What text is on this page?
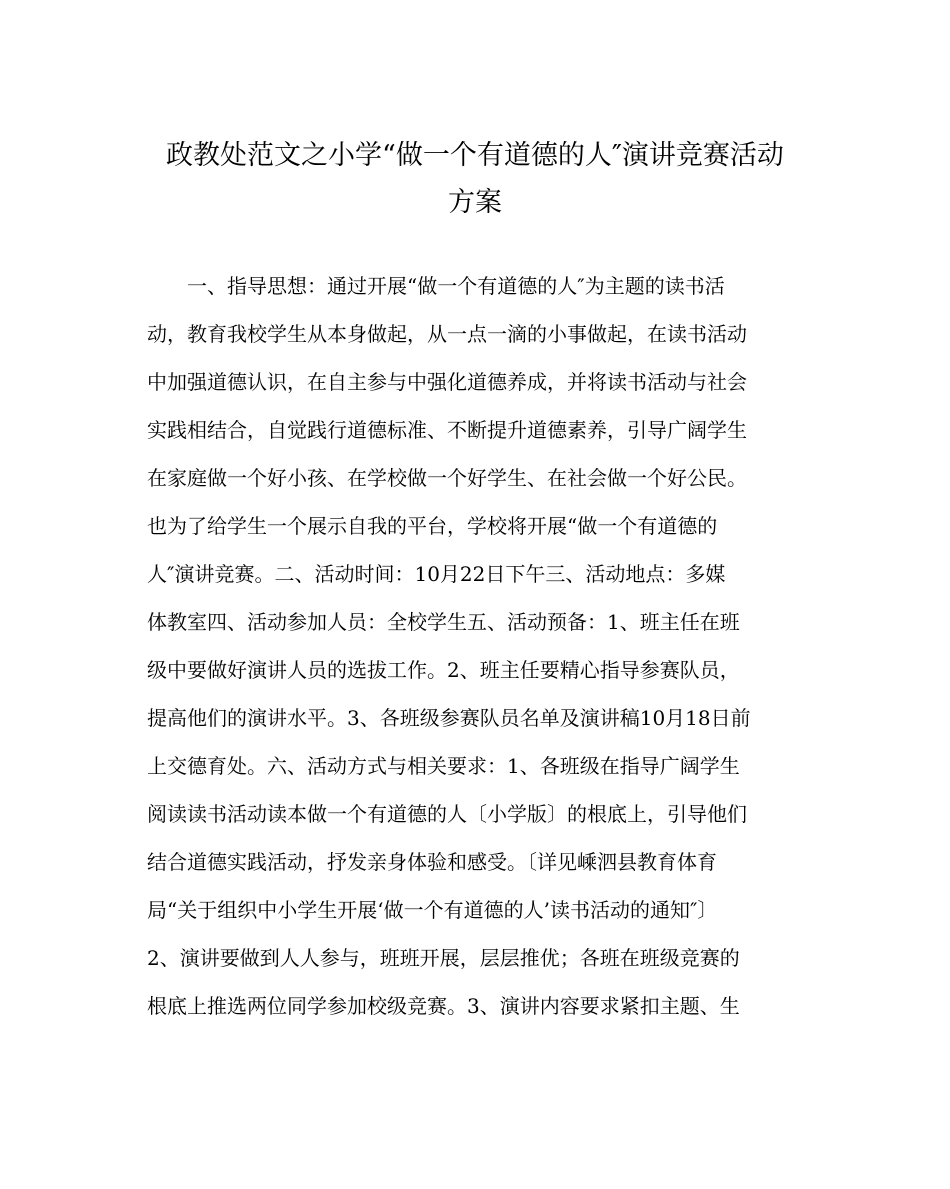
政教处范文之小学“做一个有道德的人″演讲竞赛活动
方案
　　一、指导思想：通过开展“做一个有道德的人″为主题的读书活
动，教育我校学生从本身做起，从一点一滴的小事做起，在读书活动
中加强道德认识，在自主参与中强化道德养成，并将读书活动与社会
实践相结合，自觉践行道德标准、不断提升道德素养，引导广阔学生
在家庭做一个好小孩、在学校做一个好学生、在社会做一个好公民。
也为了给学生一个展示自我的平台，学校将开展“做一个有道德的
人″演讲竞赛。二、活动时间：10月22日下午三、活动地点：多媒
体教室四、活动参加人员：全校学生五、活动预备：1、班主任在班
级中要做好演讲人员的选拔工作。2、班主任要精心指导参赛队员，
提高他们的演讲水平。3、各班级参赛队员名单及演讲稿10月18日前
上交德育处。六、活动方式与相关要求：1、各班级在指导广阔学生
阅读读书活动读本做一个有道德的人〔小学版〕的根底上，引导他们
结合道德实践活动，抒发亲身体验和感受。〔详见嵊泗县教育体育
局“关于组织中小学生开展‘做一个有道德的人’读书活动的通知″〕
2、演讲要做到人人参与，班班开展，层层推优；各班在班级竞赛的
根底上推选两位同学参加校级竞赛。3、演讲内容要求紧扣主题、生
